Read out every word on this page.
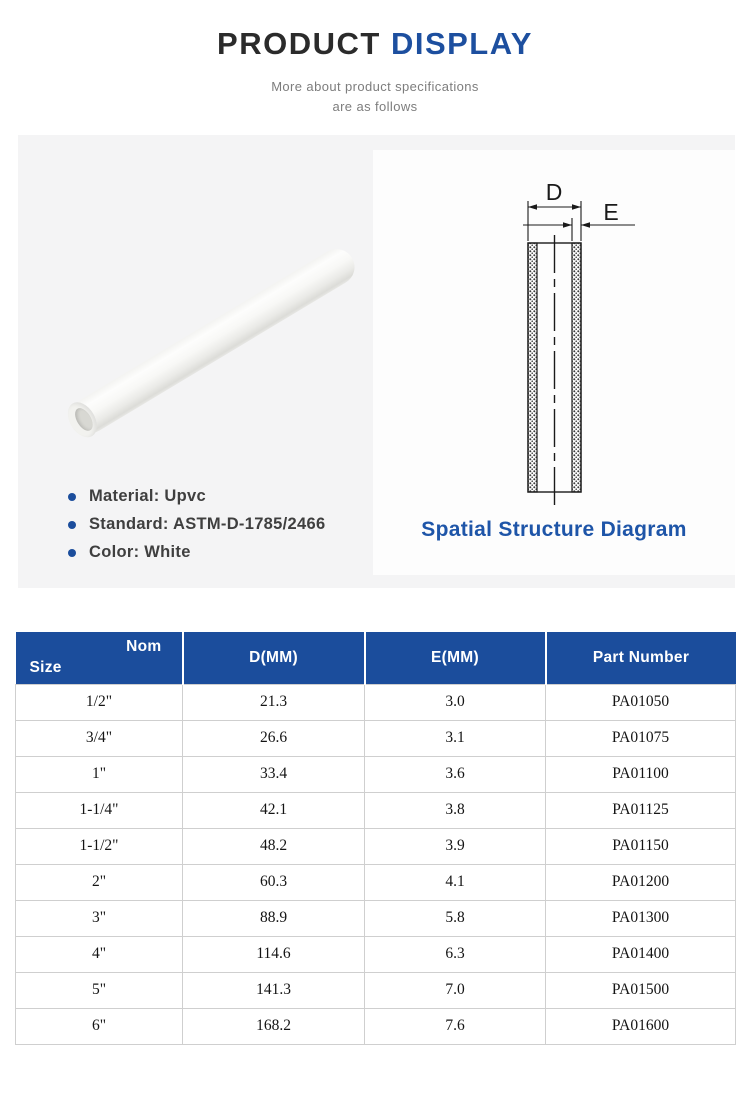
PRODUCT DISPLAY
More about product specifications
are as follows
Material: Upvc
Standard: ASTM-D-1785/2466
Color: White
D
E
Spatial Structure Diagram
Nom
Size	D(MM)	E(MM)	Part Number
1/2"	21.3	3.0	PA01050
3/4"	26.6	3.1	PA01075
1"	33.4	3.6	PA01100
1-1/4"	42.1	3.8	PA01125
1-1/2"	48.2	3.9	PA01150
2"	60.3	4.1	PA01200
3"	88.9	5.8	PA01300
4"	114.6	6.3	PA01400
5"	141.3	7.0	PA01500
6"	168.2	7.6	PA01600
